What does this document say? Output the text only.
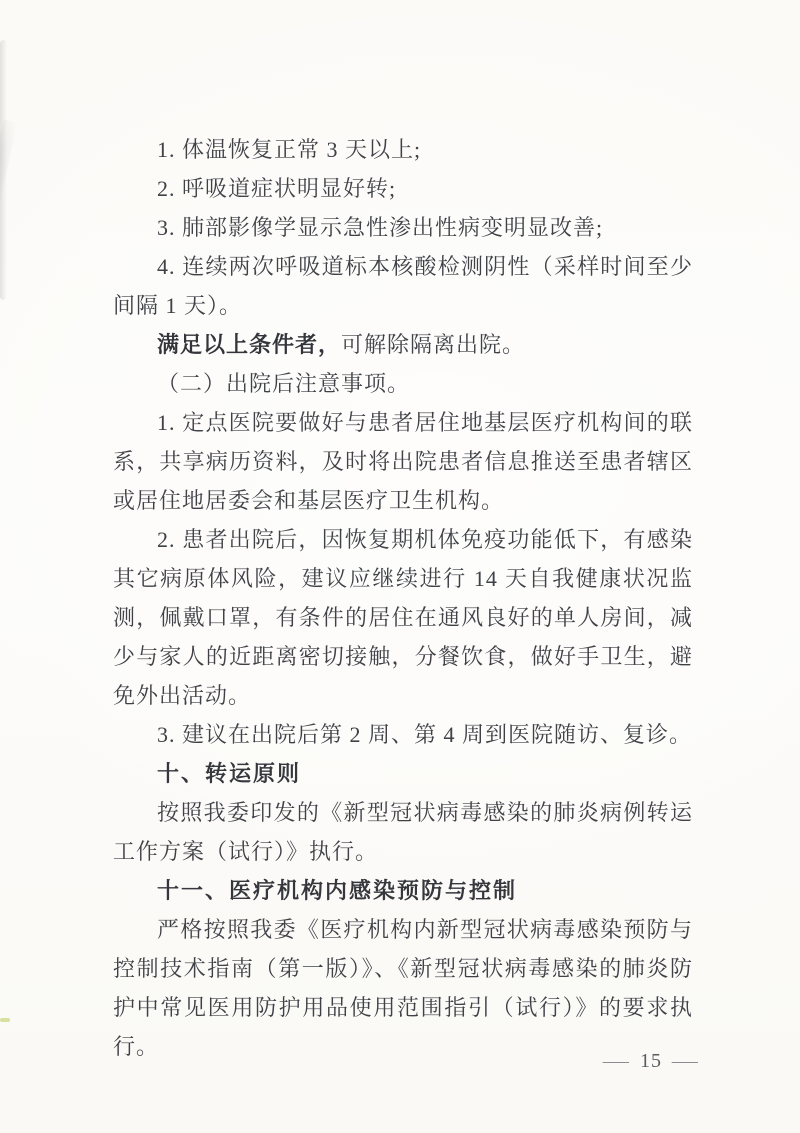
1. 体温恢复正常 3 天以上;

2. 呼吸道症状明显好转;

3. 肺部影像学显示急性渗出性病变明显改善;

4. 连续两次呼吸道标本核酸检测阴性（采样时间至少间隔 1 天）。

满足以上条件者，可解除隔离出院。

（二）出院后注意事项。

1. 定点医院要做好与患者居住地基层医疗机构间的联系，共享病历资料，及时将出院患者信息推送至患者辖区或居住地居委会和基层医疗卫生机构。

2. 患者出院后，因恢复期机体免疫功能低下，有感染其它病原体风险，建议应继续进行 14 天自我健康状况监测，佩戴口罩，有条件的居住在通风良好的单人房间，减少与家人的近距离密切接触，分餐饮食，做好手卫生，避免外出活动。

3. 建议在出院后第 2 周、第 4 周到医院随访、复诊。

十、转运原则

按照我委印发的《新型冠状病毒感染的肺炎病例转运工作方案（试行）》执行。

十一、医疗机构内感染预防与控制

严格按照我委《医疗机构内新型冠状病毒感染预防与控制技术指南（第一版）》、《新型冠状病毒感染的肺炎防护中常见医用防护用品使用范围指引（试行）》的要求执行。

— 15 —
